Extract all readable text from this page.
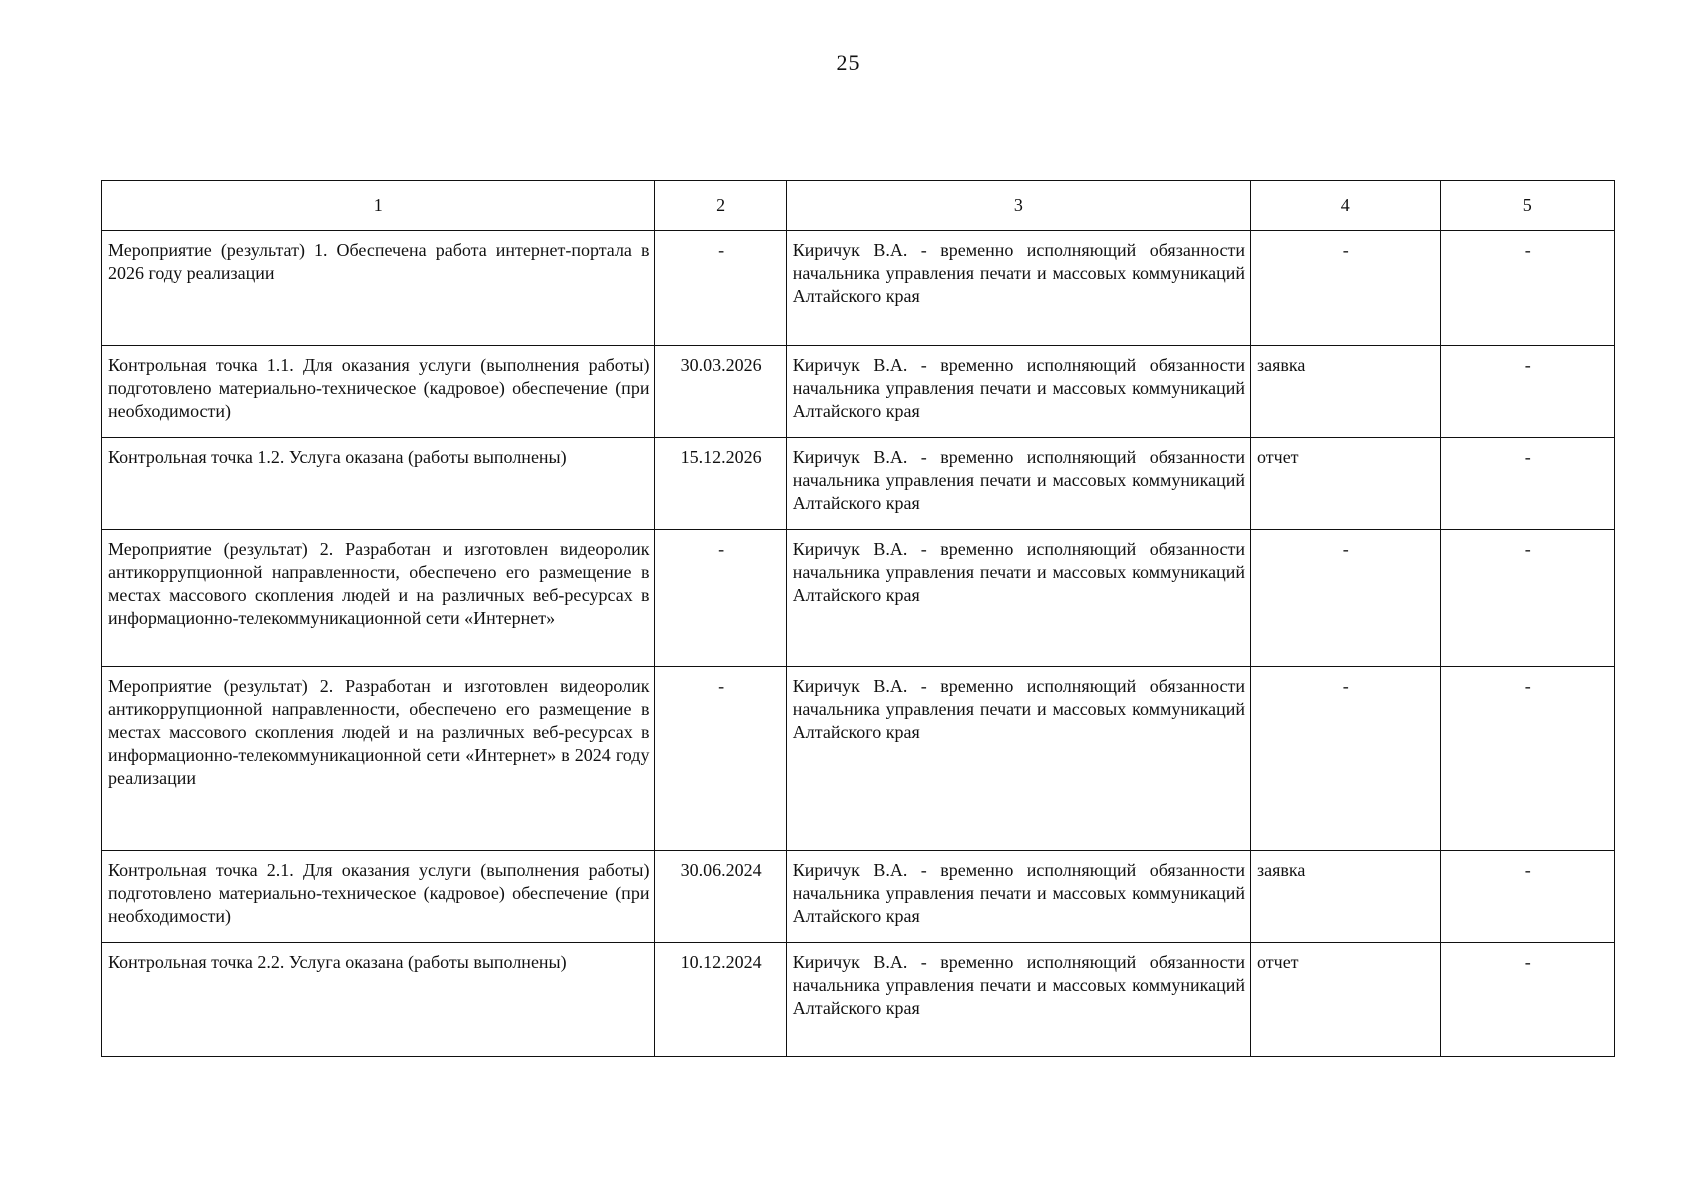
25
1	2	3	4	5
Мероприятие (результат) 1. Обеспечена работа интернет-портала в 2026 году реализации	-	Киричук В.А. - временно исполняющий обязанности начальника управления печати и массовых коммуникаций Алтайского края	-	-
Контрольная точка 1.1. Для оказания услуги (выполнения работы) подготовлено материально-техническое (кадровое) обеспечение (при необходимости)	30.03.2026	Киричук В.А. - временно исполняющий обязанности начальника управления печати и массовых коммуникаций Алтайского края	заявка	-
Контрольная точка 1.2. Услуга оказана (работы выполнены)	15.12.2026	Киричук В.А. - временно исполняющий обязанности начальника управления печати и массовых коммуникаций Алтайского края	отчет	-
Мероприятие (результат) 2. Разработан и изготовлен видеоролик антикоррупционной направленности, обеспечено его размещение в местах массового скопления людей и на различных веб-ресурсах в информационно-телекоммуникационной сети «Интернет»	-	Киричук В.А. - временно исполняющий обязанности начальника управления печати и массовых коммуникаций Алтайского края	-	-
Мероприятие (результат) 2. Разработан и изготовлен видеоролик антикоррупционной направленности, обеспечено его размещение в местах массового скопления людей и на различных веб-ресурсах в информационно-телекоммуникационной сети «Интернет» в 2024 году реализации	-	Киричук В.А. - временно исполняющий обязанности начальника управления печати и массовых коммуникаций Алтайского края	-	-
Контрольная точка 2.1. Для оказания услуги (выполнения работы) подготовлено материально-техническое (кадровое) обеспечение (при необходимости)	30.06.2024	Киричук В.А. - временно исполняющий обязанности начальника управления печати и массовых коммуникаций Алтайского края	заявка	-
Контрольная точка 2.2. Услуга оказана (работы выполнены)	10.12.2024	Киричук В.А. - временно исполняющий обязанности начальника управления печати и массовых коммуникаций Алтайского края	отчет	-
